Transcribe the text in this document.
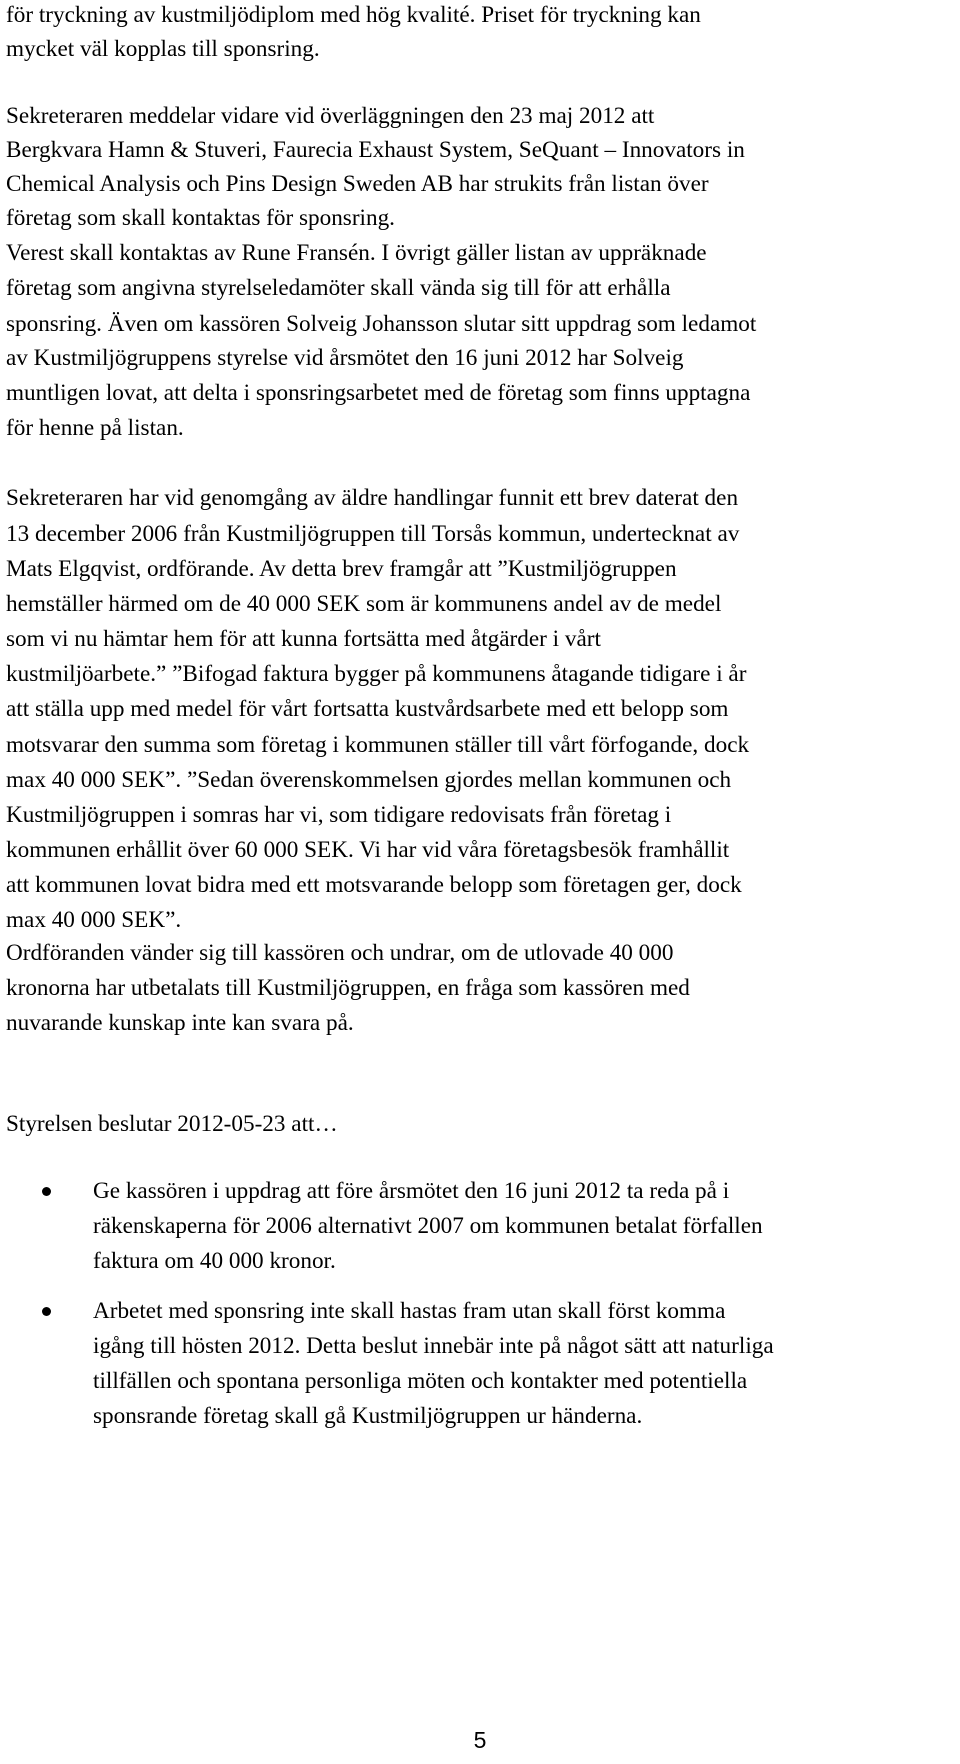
för tryckning av kustmiljödiplom med hög kvalité. Priset för tryckning kan
mycket väl kopplas till sponsring.
Sekreteraren meddelar vidare vid överläggningen den 23 maj 2012 att
Bergkvara Hamn & Stuveri, Faurecia Exhaust System, SeQuant – Innovators in
Chemical Analysis och Pins Design Sweden AB har strukits från listan över
företag som skall kontaktas för sponsring.
Verest skall kontaktas av Rune Fransén. I övrigt gäller listan av uppräknade
företag som angivna styrelseledamöter skall vända sig till för att erhålla
sponsring. Även om kassören Solveig Johansson slutar sitt uppdrag som ledamot
av Kustmiljögruppens styrelse vid årsmötet den 16 juni 2012 har Solveig
muntligen lovat, att delta i sponsringsarbetet med de företag som finns upptagna
för henne på listan.
Sekreteraren har vid genomgång av äldre handlingar funnit ett brev daterat den
13 december 2006 från Kustmiljögruppen till Torsås kommun, undertecknat av
Mats Elgqvist, ordförande. Av detta brev framgår att ”Kustmiljögruppen
hemställer härmed om de 40 000 SEK som är kommunens andel av de medel
som vi nu hämtar hem för att kunna fortsätta med åtgärder i vårt
kustmiljöarbete.” ”Bifogad faktura bygger på kommunens åtagande tidigare i år
att ställa upp med medel för vårt fortsatta kustvårdsarbete med ett belopp som
motsvarar den summa som företag i kommunen ställer till vårt förfogande, dock
max 40 000 SEK”. ”Sedan överenskommelsen gjordes mellan kommunen och
Kustmiljögruppen i somras har vi, som tidigare redovisats från företag i
kommunen erhållit över 60 000 SEK. Vi har vid våra företagsbesök framhållit
att kommunen lovat bidra med ett motsvarande belopp som företagen ger, dock
max 40 000 SEK”.
Ordföranden vänder sig till kassören och undrar, om de utlovade 40 000
kronorna har utbetalats till Kustmiljögruppen, en fråga som kassören med
nuvarande kunskap inte kan svara på.
Styrelsen beslutar 2012-05-23 att…
Ge kassören i uppdrag att före årsmötet den 16 juni 2012 ta reda på i
räkenskaperna för 2006 alternativt 2007 om kommunen betalat förfallen
faktura om 40 000 kronor.
Arbetet med sponsring inte skall hastas fram utan skall först komma
igång till hösten 2012. Detta beslut innebär inte på något sätt att naturliga
tillfällen och spontana personliga möten och kontakter med potentiella
sponsrande företag skall gå Kustmiljögruppen ur händerna.
5
